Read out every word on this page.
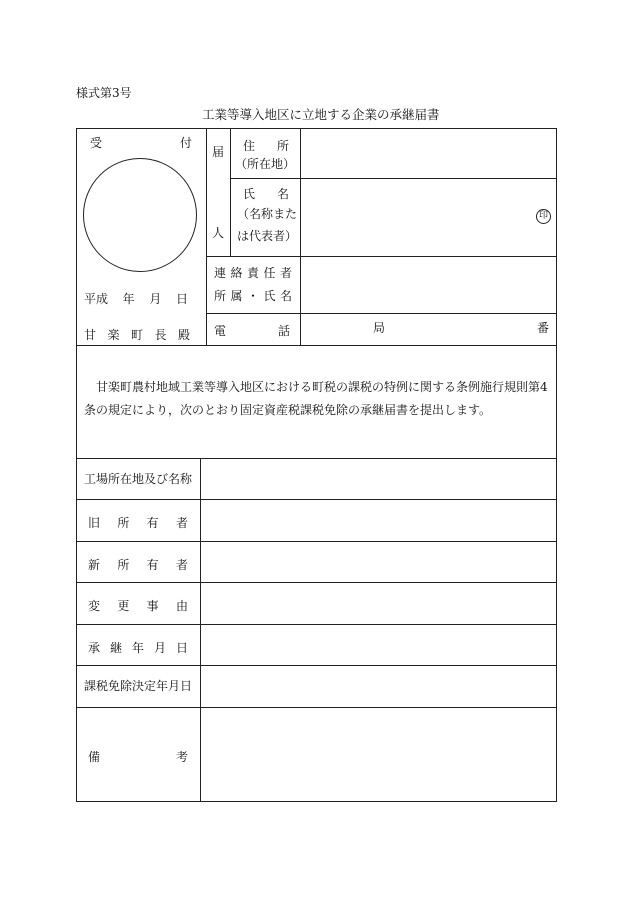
様式第3号
工業等導入地区に立地する企業の承継届書
受	付
平成 年 月 日
甘 楽 町 長 殿
届
人
住 所
（所在地）
氏 名
（名称また
は代表者）
印
連 絡 責 任 者
所 属 ・ 氏 名
電	話	局	番
甘楽町農村地域工業等導入地区における町税の課税の特例に関する条例施行規則第4
条の規定により，次のとおり固定資産税課税免除の承継届書を提出します。
工場所在地及び名称
旧 所 有 者
新 所 有 者
変 更 事 由
承 継 年 月 日
課税免除決定年月日
備	考
